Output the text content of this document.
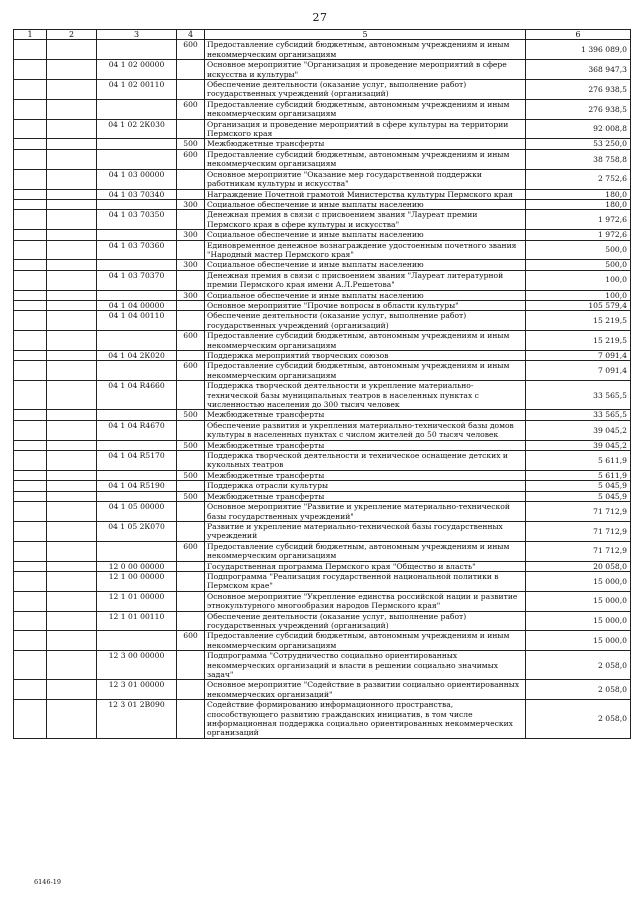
27
1	2	3	4	5	6
			600	Предоставление субсидий бюджетным, автономным учреждениям и иным некоммерческим организациям	1 396 089,0
		04 1 02 00000		Основное мероприятие "Организация и проведение мероприятий в сфере искусства и культуры"	368 947,3
		04 1 02 00110		Обеспечение деятельности (оказание услуг, выполнение работ) государственных учреждений (организаций)	276 938,5
			600	Предоставление субсидий бюджетным, автономным учреждениям и иным некоммерческим организациям	276 938,5
		04 1 02 2К030		Организация и проведение мероприятий в сфере культуры на территории Пермского края	92 008,8
			500	Межбюджетные трансферты	53 250,0
			600	Предоставление субсидий бюджетным, автономным учреждениям и иным некоммерческим организациям	38 758,8
		04 1 03 00000		Основное мероприятие "Оказание мер государственной поддержки работникам культуры и искусства"	2 752,6
		04 1 03 70340		Награждение Почетной грамотой Министерства культуры Пермского края	180,0
			300	Социальное обеспечение и иные выплаты населению	180,0
		04 1 03 70350		Денежная премия в связи с присвоением звания "Лауреат премии Пермского края в сфере культуры и искусства"	1 972,6
			300	Социальное обеспечение и иные выплаты населению	1 972,6
		04 1 03 70360		Единовременное денежное вознаграждение удостоенным почетного звания "Народный мастер Пермского края"	500,0
			300	Социальное обеспечение и иные выплаты населению	500,0
		04 1 03 70370		Денежная премия в связи с присвоением звания "Лауреат литературной премии Пермского края имени А.Л.Решетова"	100,0
			300	Социальное обеспечение и иные выплаты населению	100,0
		04 1 04 00000		Основное мероприятие "Прочие вопросы в области культуры"	105 579,4
		04 1 04 00110		Обеспечение деятельности (оказание услуг, выполнение работ) государственных учреждений (организаций)	15 219,5
			600	Предоставление субсидий бюджетным, автономным учреждениям и иным некоммерческим организациям	15 219,5
		04 1 04 2К020		Поддержка мероприятий творческих союзов	7 091,4
			600	Предоставление субсидий бюджетным, автономным учреждениям и иным некоммерческим организациям	7 091,4
		04 1 04 R4660		Поддержка творческой деятельности и укрепление материально-технической базы муниципальных театров в населенных пунктах с численностью населения до 300 тысяч человек	33 565,5
			500	Межбюджетные трансферты	33 565,5
		04 1 04 R4670		Обеспечение развития и укрепления материально-технической базы домов культуры в населенных пунктах с числом жителей до 50 тысяч человек	39 045,2
			500	Межбюджетные трансферты	39 045,2
		04 1 04 R5170		Поддержка творческой деятельности и техническое оснащение детских и кукольных театров	5 611,9
			500	Межбюджетные трансферты	5 611,9
		04 1 04 R5190		Поддержка отрасли культуры	5 045,9
			500	Межбюджетные трансферты	5 045,9
		04 1 05 00000		Основное мероприятие "Развитие и укрепление материально-технической базы государственных учреждений"	71 712,9
		04 1 05 2К070		Развитие и укрепление материально-технической базы государственных учреждений	71 712,9
			600	Предоставление субсидий бюджетным, автономным учреждениям и иным некоммерческим организациям	71 712,9
		12 0 00 00000		Государственная программа Пермского края "Общество и власть"	20 058,0
		12 1 00 00000		Подпрограмма "Реализация государственной национальной политики в Пермском крае"	15 000,0
		12 1 01 00000		Основное мероприятие "Укрепление единства российской нации и развитие этнокультурного многообразия народов Пермского края"	15 000,0
		12 1 01 00110		Обеспечение деятельности (оказание услуг, выполнение работ) государственных учреждений (организаций)	15 000,0
			600	Предоставление субсидий бюджетным, автономным учреждениям и иным некоммерческим организациям	15 000,0
		12 3 00 00000		Подпрограмма "Сотрудничество социально ориентированных некоммерческих организаций и власти в решении социально значимых задач"	2 058,0
		12 3 01 00000		Основное мероприятие "Содействие в развитии социально ориентированных некоммерческих организаций"	2 058,0
		12 3 01 2В090		Содействие формированию информационного пространства, способствующего развитию гражданских инициатив, в том числе информационная поддержка социально ориентированных некоммерческих организаций	2 058,0
6146-19
